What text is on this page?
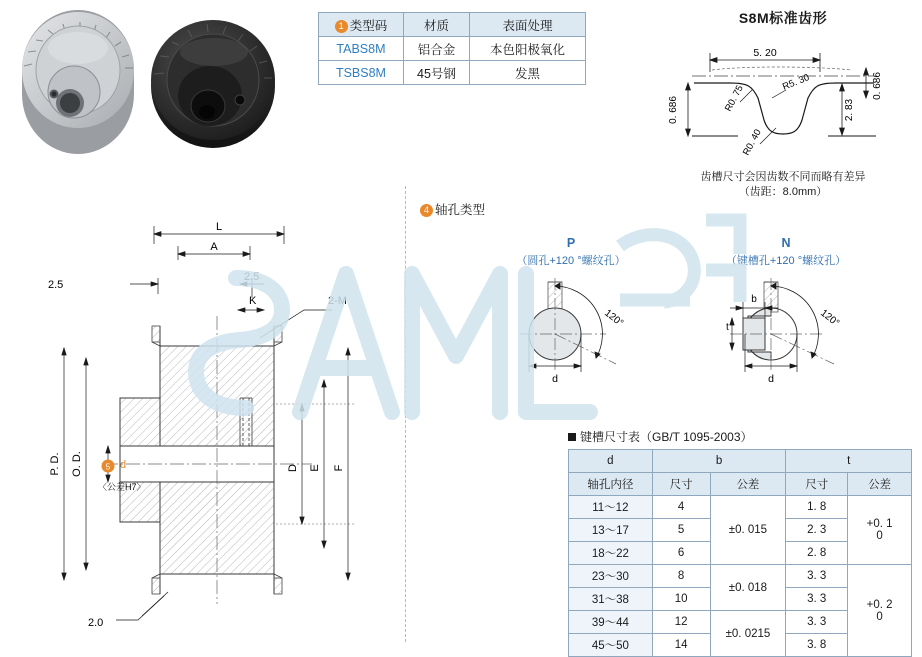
1 类型码	材质	表面处理
TABS8M	铝合金	本色阳极氧化
TSBS8M	45号钢	发黑
S8M标准齿形
5. 20
0. 686
0. 686	R0. 75
R5. 30
R0. 40
2. 83
齿槽尺寸会因齿数不同而略有差异
（齿距：8.0mm）
L
A
2.5
2.5
K	2-M
P. D. O. D.	d
5
〈公差H7〉
D E F
2.0
4 轴孔类型
P
（圆孔+120 °螺纹孔）
120°
d
N
（键槽孔+120 °螺纹孔）
120°
b
t
d
键槽尺寸表（GB/T 1095-2003）
d	b		t	
轴孔内径	尺寸	公差	尺寸	公差
11～12	4	±0. 015	1. 8	+0. 1
0

13～17	5		2. 3	
18～22	6		2. 8	
23～30	8	±0. 018	3. 3	+0. 2
0

31～38	10		3. 3	
39～44	12	±0. 0215	3. 3	
45～50	14		3. 8	
